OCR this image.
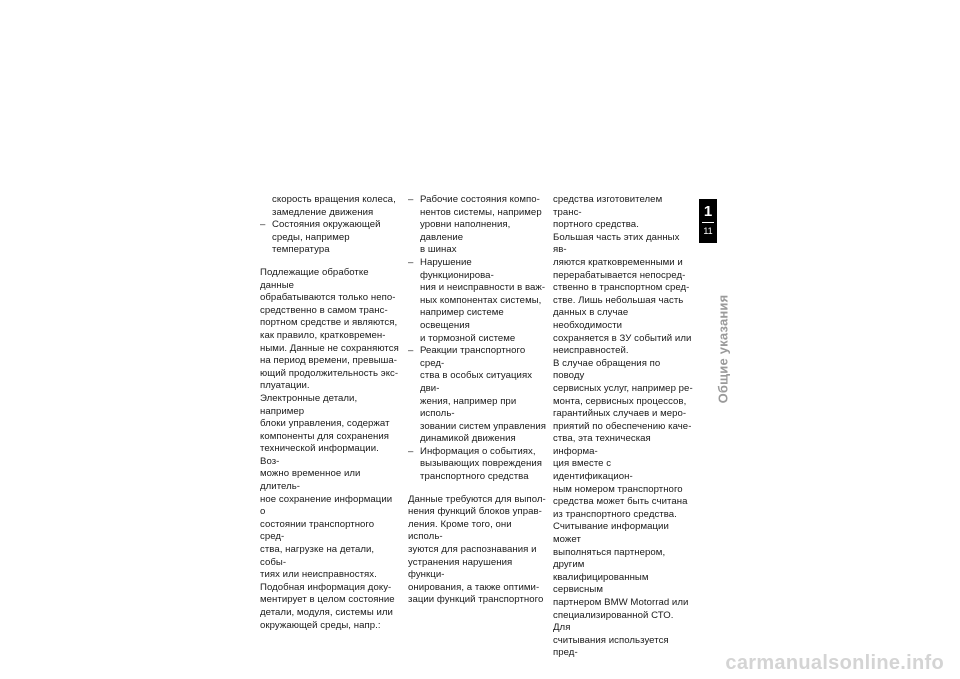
скорость вращения колеса,

замедление движения

– Состояния окружающей

среды, например температура

Подлежащие обработке данные

обрабатываются только непо-

средственно в самом транс-

портном средстве и являются,

как правило, кратковремен-

ными. Данные не сохраняются

на период времени, превыша-

ющий продолжительность экс-

плуатации.

Электронные детали, например

блоки управления, содержат

компоненты для сохранения

технической информации. Воз-

можно временное или длитель-

ное сохранение информации о

состоянии транспортного сред-

ства, нагрузке на детали, собы-

тиях или неисправностях.

Подобная информация доку-

ментирует в целом состояние

детали, модуля, системы или

окружающей среды, напр.:

– Рабочие состояния компо-

нентов системы, например

уровни наполнения, давление

в шинах

– Нарушение функционирова-

ния и неисправности в важ-

ных компонентах системы,

например системе освещения

и тормозной системе

– Реакции транспортного сред-

ства в особых ситуациях дви-

жения, например при исполь-

зовании систем управления

динамикой движения

– Информация о событиях,

вызывающих повреждения

транспортного средства

Данные требуются для выпол-

нения функций блоков управ-

ления. Кроме того, они исполь-

зуются для распознавания и

устранения нарушения функци-

онирования, а также оптими-

зации функций транспортного

средства изготовителем транс-

портного средства.

Большая часть этих данных яв-

ляются кратковременными и

перерабатывается непосред-

ственно в транспортном сред-

стве. Лишь небольшая часть

данных в случае необходимости

сохраняется в ЗУ событий или

неисправностей.

В случае обращения по поводу

сервисных услуг, например ре-

монта, сервисных процессов,

гарантийных случаев и меро-

приятий по обеспечению каче-

ства, эта техническая информа-

ция вместе с идентификацион-

ным номером транспортного

средства может быть считана

из транспортного средства.

Считывание информации может

выполняться партнером, другим

квалифицированным сервисным

партнером BMW Motorrad или

специализированной СТО. Для

считывания используется пред-

1
11
Общие указания
carmanualsonline.info
